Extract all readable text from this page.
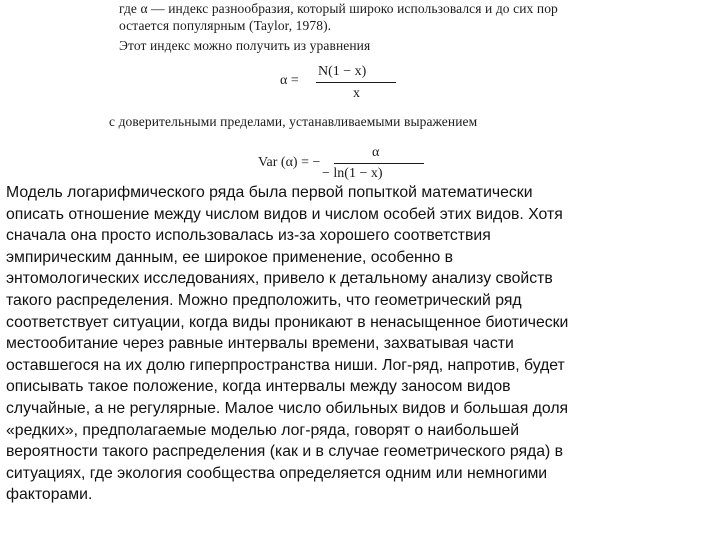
где α — индекс разнообразия, который широко использовался и до сих пор
остается популярным (Taylor, 1978).
Этот индекс можно получить из уравнения
α =
N(1 − x)
x
с доверительными пределами, устанавливаемыми выражением
Var (α) = −
α
− ln(1 − x)
Модель логарифмического ряда была первой попыткой математически
описать отношение между числом видов и числом особей этих видов. Хотя
сначала она просто использовалась из-за хорошего соответствия
эмпирическим данным, ее широкое применение, особенно в
энтомологических исследованиях, привело к детальному анализу свойств
такого распределения. Можно предположить, что геометрический ряд
соответствует ситуации, когда виды проникают в ненасыщенное биотически
местообитание через равные интервалы времени, захватывая части
оставшегося на их долю гиперпространства ниши. Лог-ряд, напротив, будет
описывать такое положение, когда интервалы между заносом видов
случайные, а не регулярные. Малое число обильных видов и большая доля
«редких», предполагаемые моделью лог-ряда, говорят о наибольшей
вероятности такого распределения (как и в случае геометрического ряда) в
ситуациях, где экология сообщества определяется одним или немногими
факторами.
